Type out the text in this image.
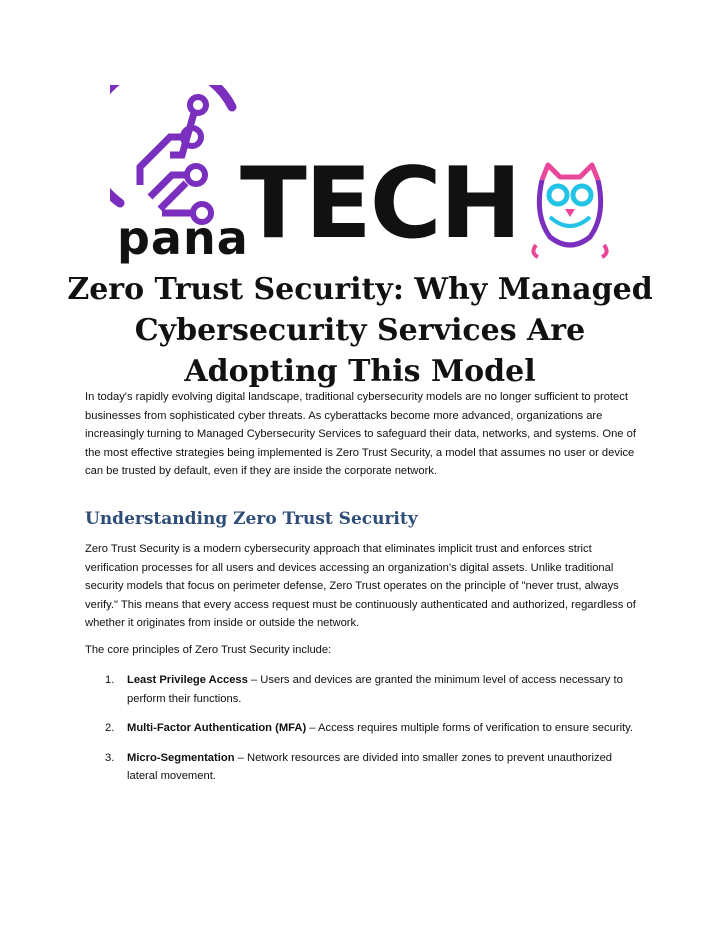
pana
TECH
Zero Trust Security: Why Managed Cybersecurity Services Are Adopting This Model

In today's rapidly evolving digital landscape, traditional cybersecurity models are no longer sufficient to protect businesses from sophisticated cyber threats. As cyberattacks become more advanced, organizations are increasingly turning to Managed Cybersecurity Services to safeguard their data, networks, and systems. One of the most effective strategies being implemented is Zero Trust Security, a model that assumes no user or device can be trusted by default, even if they are inside the corporate network.

Understanding Zero Trust Security

Zero Trust Security is a modern cybersecurity approach that eliminates implicit trust and enforces strict verification processes for all users and devices accessing an organization’s digital assets. Unlike traditional security models that focus on perimeter defense, Zero Trust operates on the principle of "never trust, always verify." This means that every access request must be continuously authenticated and authorized, regardless of whether it originates from inside or outside the network.

The core principles of Zero Trust Security include:

1. Least Privilege Access – Users and devices are granted the minimum level of access necessary to perform their functions.
2. Multi-Factor Authentication (MFA) – Access requires multiple forms of verification to ensure security.
3. Micro-Segmentation – Network resources are divided into smaller zones to prevent unauthorized lateral movement.
